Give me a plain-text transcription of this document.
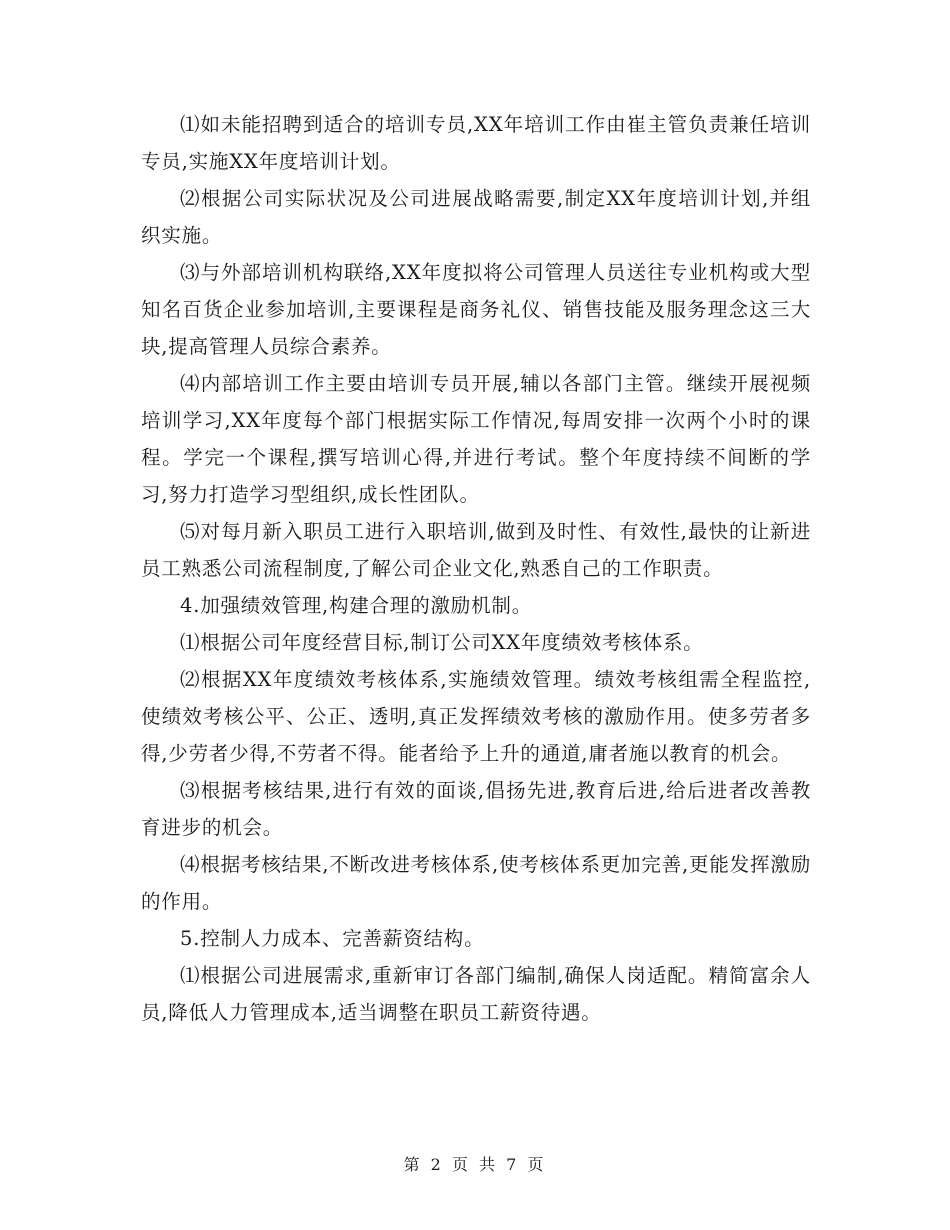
⑴如未能招聘到适合的培训专员,XX年培训工作由崔主管负责兼任培训专员,实施XX年度培训计划。

⑵根据公司实际状况及公司进展战略需要,制定XX年度培训计划,并组织实施。

⑶与外部培训机构联络,XX年度拟将公司管理人员送往专业机构或大型知名百货企业参加培训,主要课程是商务礼仪、销售技能及服务理念这三大块,提高管理人员综合素养。

⑷内部培训工作主要由培训专员开展,辅以各部门主管。继续开展视频培训学习,XX年度每个部门根据实际工作情况,每周安排一次两个小时的课程。学完一个课程,撰写培训心得,并进行考试。整个年度持续不间断的学习,努力打造学习型组织,成长性团队。

⑸对每月新入职员工进行入职培训,做到及时性、有效性,最快的让新进员工熟悉公司流程制度,了解公司企业文化,熟悉自己的工作职责。

4.加强绩效管理,构建合理的激励机制。

⑴根据公司年度经营目标,制订公司XX年度绩效考核体系。

⑵根据XX年度绩效考核体系,实施绩效管理。绩效考核组需全程监控,使绩效考核公平、公正、透明,真正发挥绩效考核的激励作用。使多劳者多得,少劳者少得,不劳者不得。能者给予上升的通道,庸者施以教育的机会。

⑶根据考核结果,进行有效的面谈,倡扬先进,教育后进,给后进者改善教育进步的机会。

⑷根据考核结果,不断改进考核体系,使考核体系更加完善,更能发挥激励的作用。

5.控制人力成本、完善薪资结构。

⑴根据公司进展需求,重新审订各部门编制,确保人岗适配。精简富余人员,降低人力管理成本,适当调整在职员工薪资待遇。

第 2 页 共 7 页
